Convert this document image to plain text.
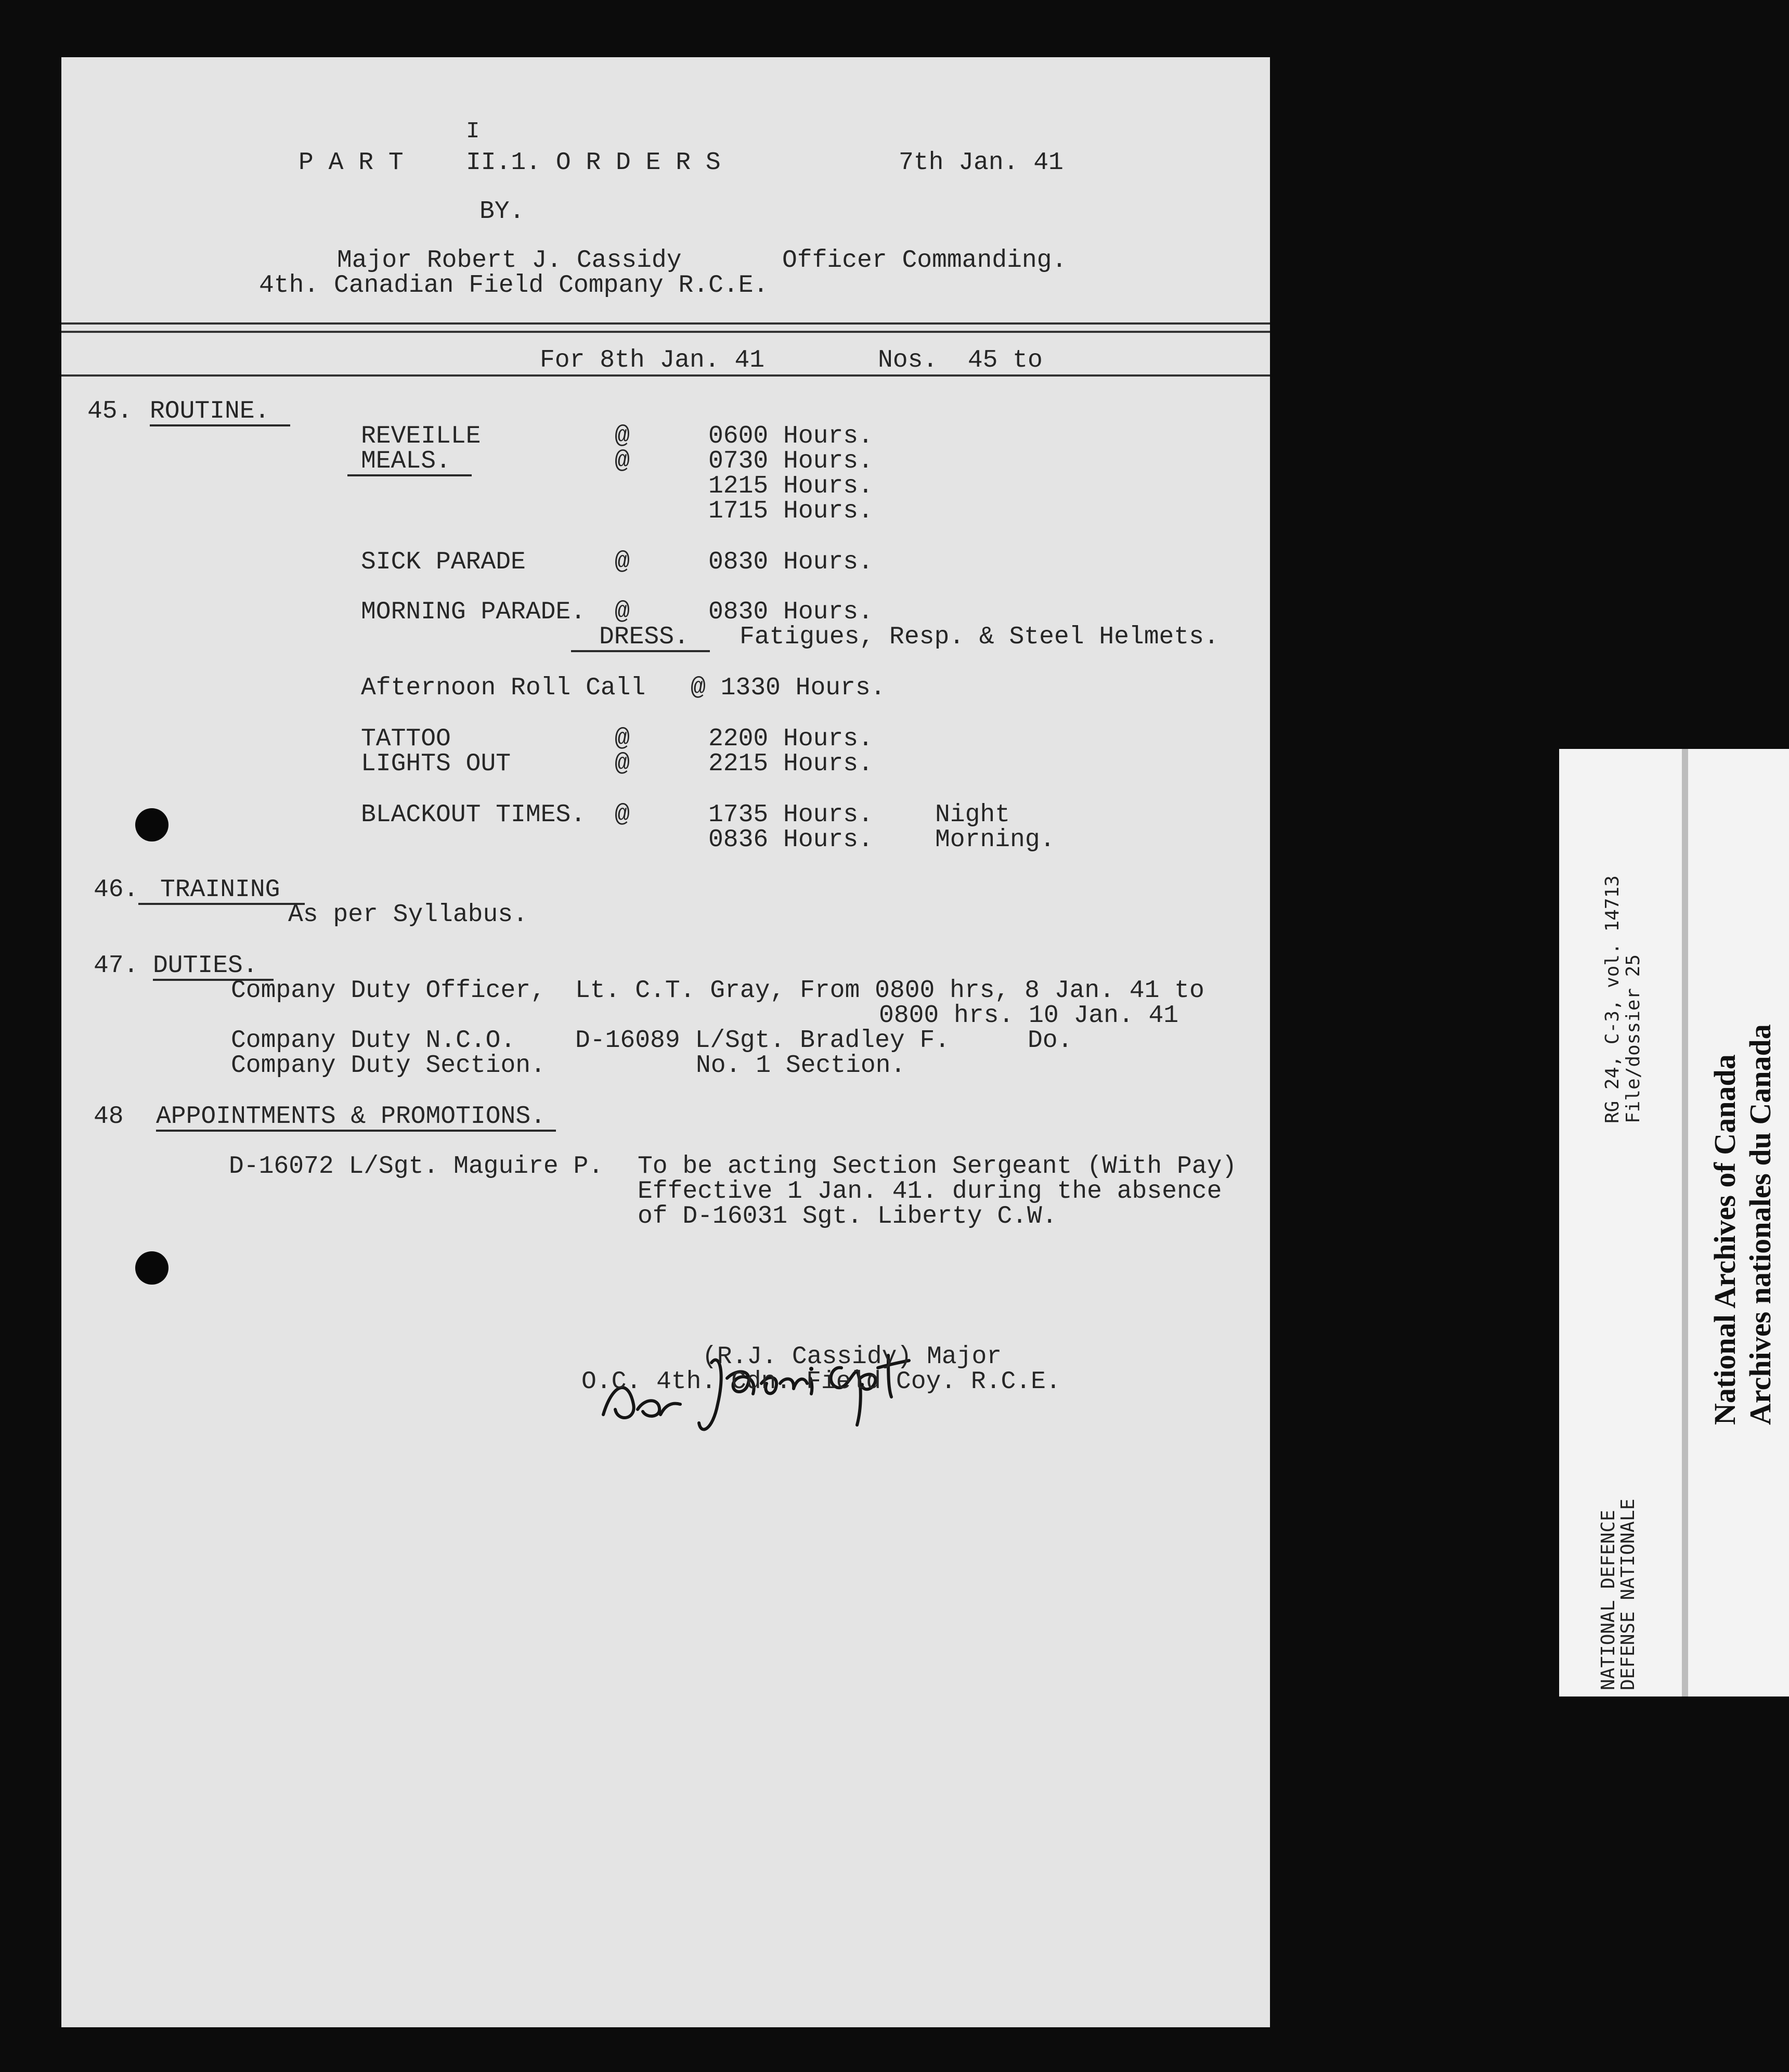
P A R T
I
II.1. O R D E R S	7th Jan. 41
BY.
Major Robert J. Cassidy	Officer Commanding.
4th. Canadian Field Company R.C.E.
For 8th Jan. 41	Nos.  45 to
45. ROUTINE.
REVEILLE	@	0600 Hours.
MEALS.	@	0730 Hours.
1215 Hours.
1715 Hours.
SICK PARADE	@	0830 Hours.
MORNING PARADE. @	0830 Hours.
DRESS.	Fatigues, Resp. & Steel Helmets.
Afternoon Roll Call @ 1330 Hours.
TATTOO	@	2200 Hours.
LIGHTS OUT	@	2215 Hours.
BLACKOUT TIMES. @	1735 Hours. Night
0836 Hours. Morning.
46. TRAINING
As per Syllabus.
47. DUTIES.
Company Duty Officer, Lt. C.T. Gray, From 0800 hrs, 8 Jan. 41 to
0800 hrs. 10 Jan. 41
Company Duty N.C.O. D-16089 L/Sgt. Bradley F.	Do.
Company Duty Section.	No. 1 Section.
48 APPOINTMENTS & PROMOTIONS.
D-16072 L/Sgt. Maguire P. To be acting Section Sergeant (With Pay)
Effective 1 Jan. 41. during the absence
of D-16031 Sgt. Liberty C.W.
(R.J. Cassidy) Major
O.C. 4th. Cdn. Field Coy. R.C.E.
RG 24, C-3, vol. 14713 File/dossier 25
NATIONAL DEFENCE
DEFENSE NATIONALE
National Archives of Canada Archives nationales du Canada
